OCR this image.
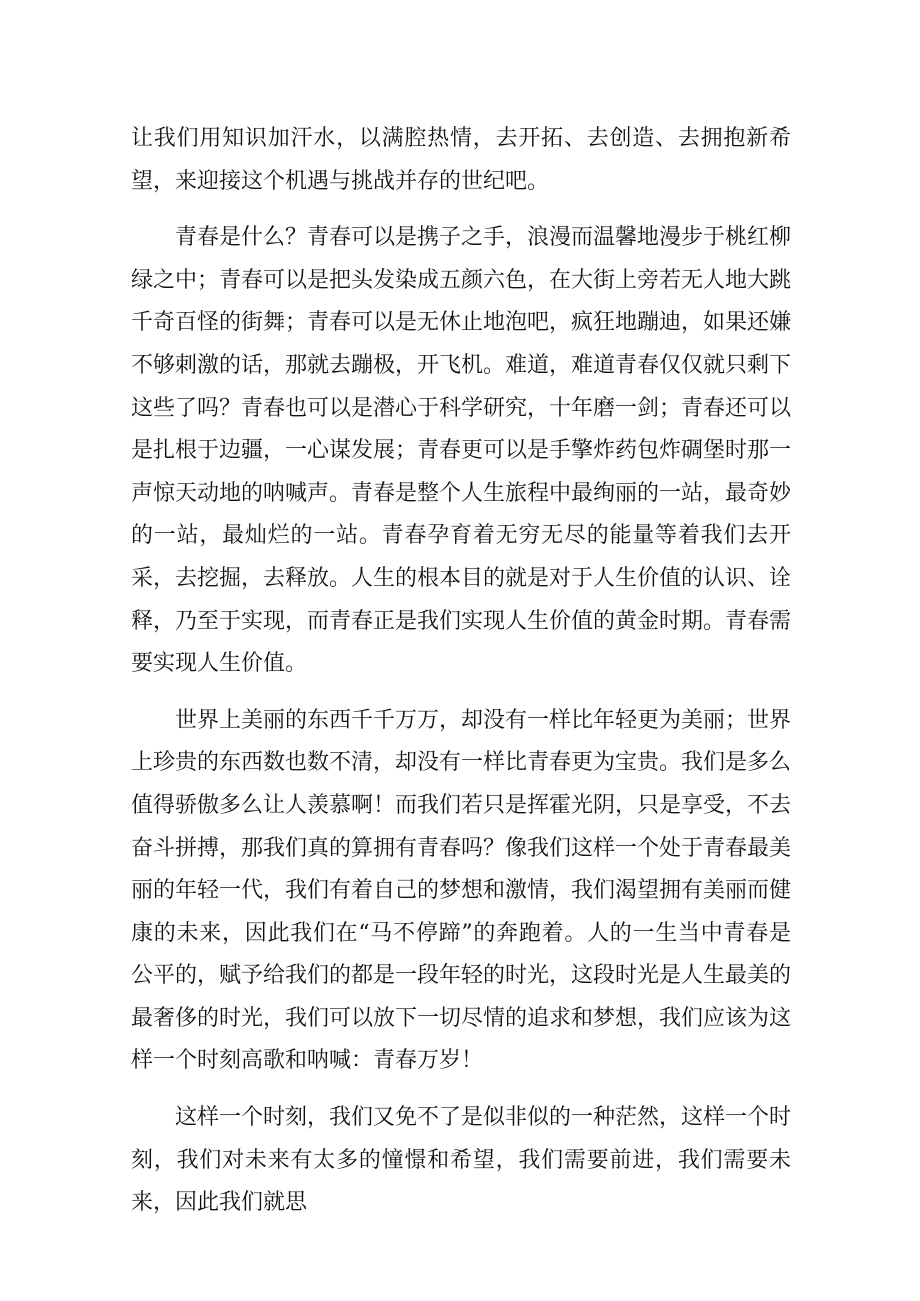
让我们用知识加汗水，以满腔热情，去开拓、去创造、去拥抱新希望，来迎接这个机遇与挑战并存的世纪吧。

青春是什么？青春可以是携子之手，浪漫而温馨地漫步于桃红柳绿之中；青春可以是把头发染成五颜六色，在大街上旁若无人地大跳千奇百怪的街舞；青春可以是无休止地泡吧，疯狂地蹦迪，如果还嫌不够刺激的话，那就去蹦极，开飞机。难道，难道青春仅仅就只剩下这些了吗？青春也可以是潜心于科学研究，十年磨一剑；青春还可以是扎根于边疆，一心谋发展；青春更可以是手擎炸药包炸碉堡时那一声惊天动地的呐喊声。青春是整个人生旅程中最绚丽的一站，最奇妙的一站，最灿烂的一站。青春孕育着无穷无尽的能量等着我们去开采，去挖掘，去释放。人生的根本目的就是对于人生价值的认识、诠释，乃至于实现，而青春正是我们实现人生价值的黄金时期。青春需要实现人生价值。

世界上美丽的东西千千万万，却没有一样比年轻更为美丽；世界上珍贵的东西数也数不清，却没有一样比青春更为宝贵。我们是多么值得骄傲多么让人羡慕啊！而我们若只是挥霍光阴，只是享受，不去奋斗拼搏，那我们真的算拥有青春吗？像我们这样一个处于青春最美丽的年轻一代，我们有着自己的梦想和激情，我们渴望拥有美丽而健康的未来，因此我们在“马不停蹄”的奔跑着。人的一生当中青春是公平的，赋予给我们的都是一段年轻的时光，这段时光是人生最美的最奢侈的时光，我们可以放下一切尽情的追求和梦想，我们应该为这样一个时刻高歌和呐喊：青春万岁！

这样一个时刻，我们又免不了是似非似的一种茫然，这样一个时刻，我们对未来有太多的憧憬和希望，我们需要前进，我们需要未来，因此我们就思
